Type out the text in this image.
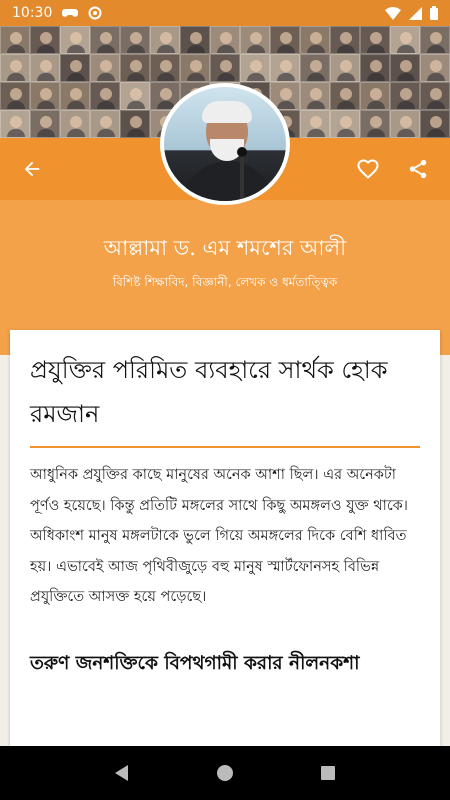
10:30
আল্লামা ড. এম শমশের আলী
বিশিষ্ট শিক্ষাবিদ, বিজ্ঞানী, লেখক ও ধর্মতাত্ত্বিক
প্রযুক্তির পরিমিত ব্যবহারে সার্থক হোক রমজান
আধুনিক প্রযুক্তির কাছে মানুষের অনেক আশা ছিল। এর অনেকটা পূর্ণও হয়েছে। কিন্তু প্রতিটি মঙ্গলের সাথে কিছু অমঙ্গলও যুক্ত থাকে। অধিকাংশ মানুষ মঙ্গলটাকে ভুলে গিয়ে অমঙ্গলের দিকে বেশি ধাবিত হয়। এভাবেই আজ পৃথিবীজুড়ে বহু মানুষ স্মার্টফোনসহ বিভিন্ন প্রযুক্তিতে আসক্ত হয়ে পড়েছে।
তরুণ জনশক্তিকে বিপথগামী করার নীলনকশা
